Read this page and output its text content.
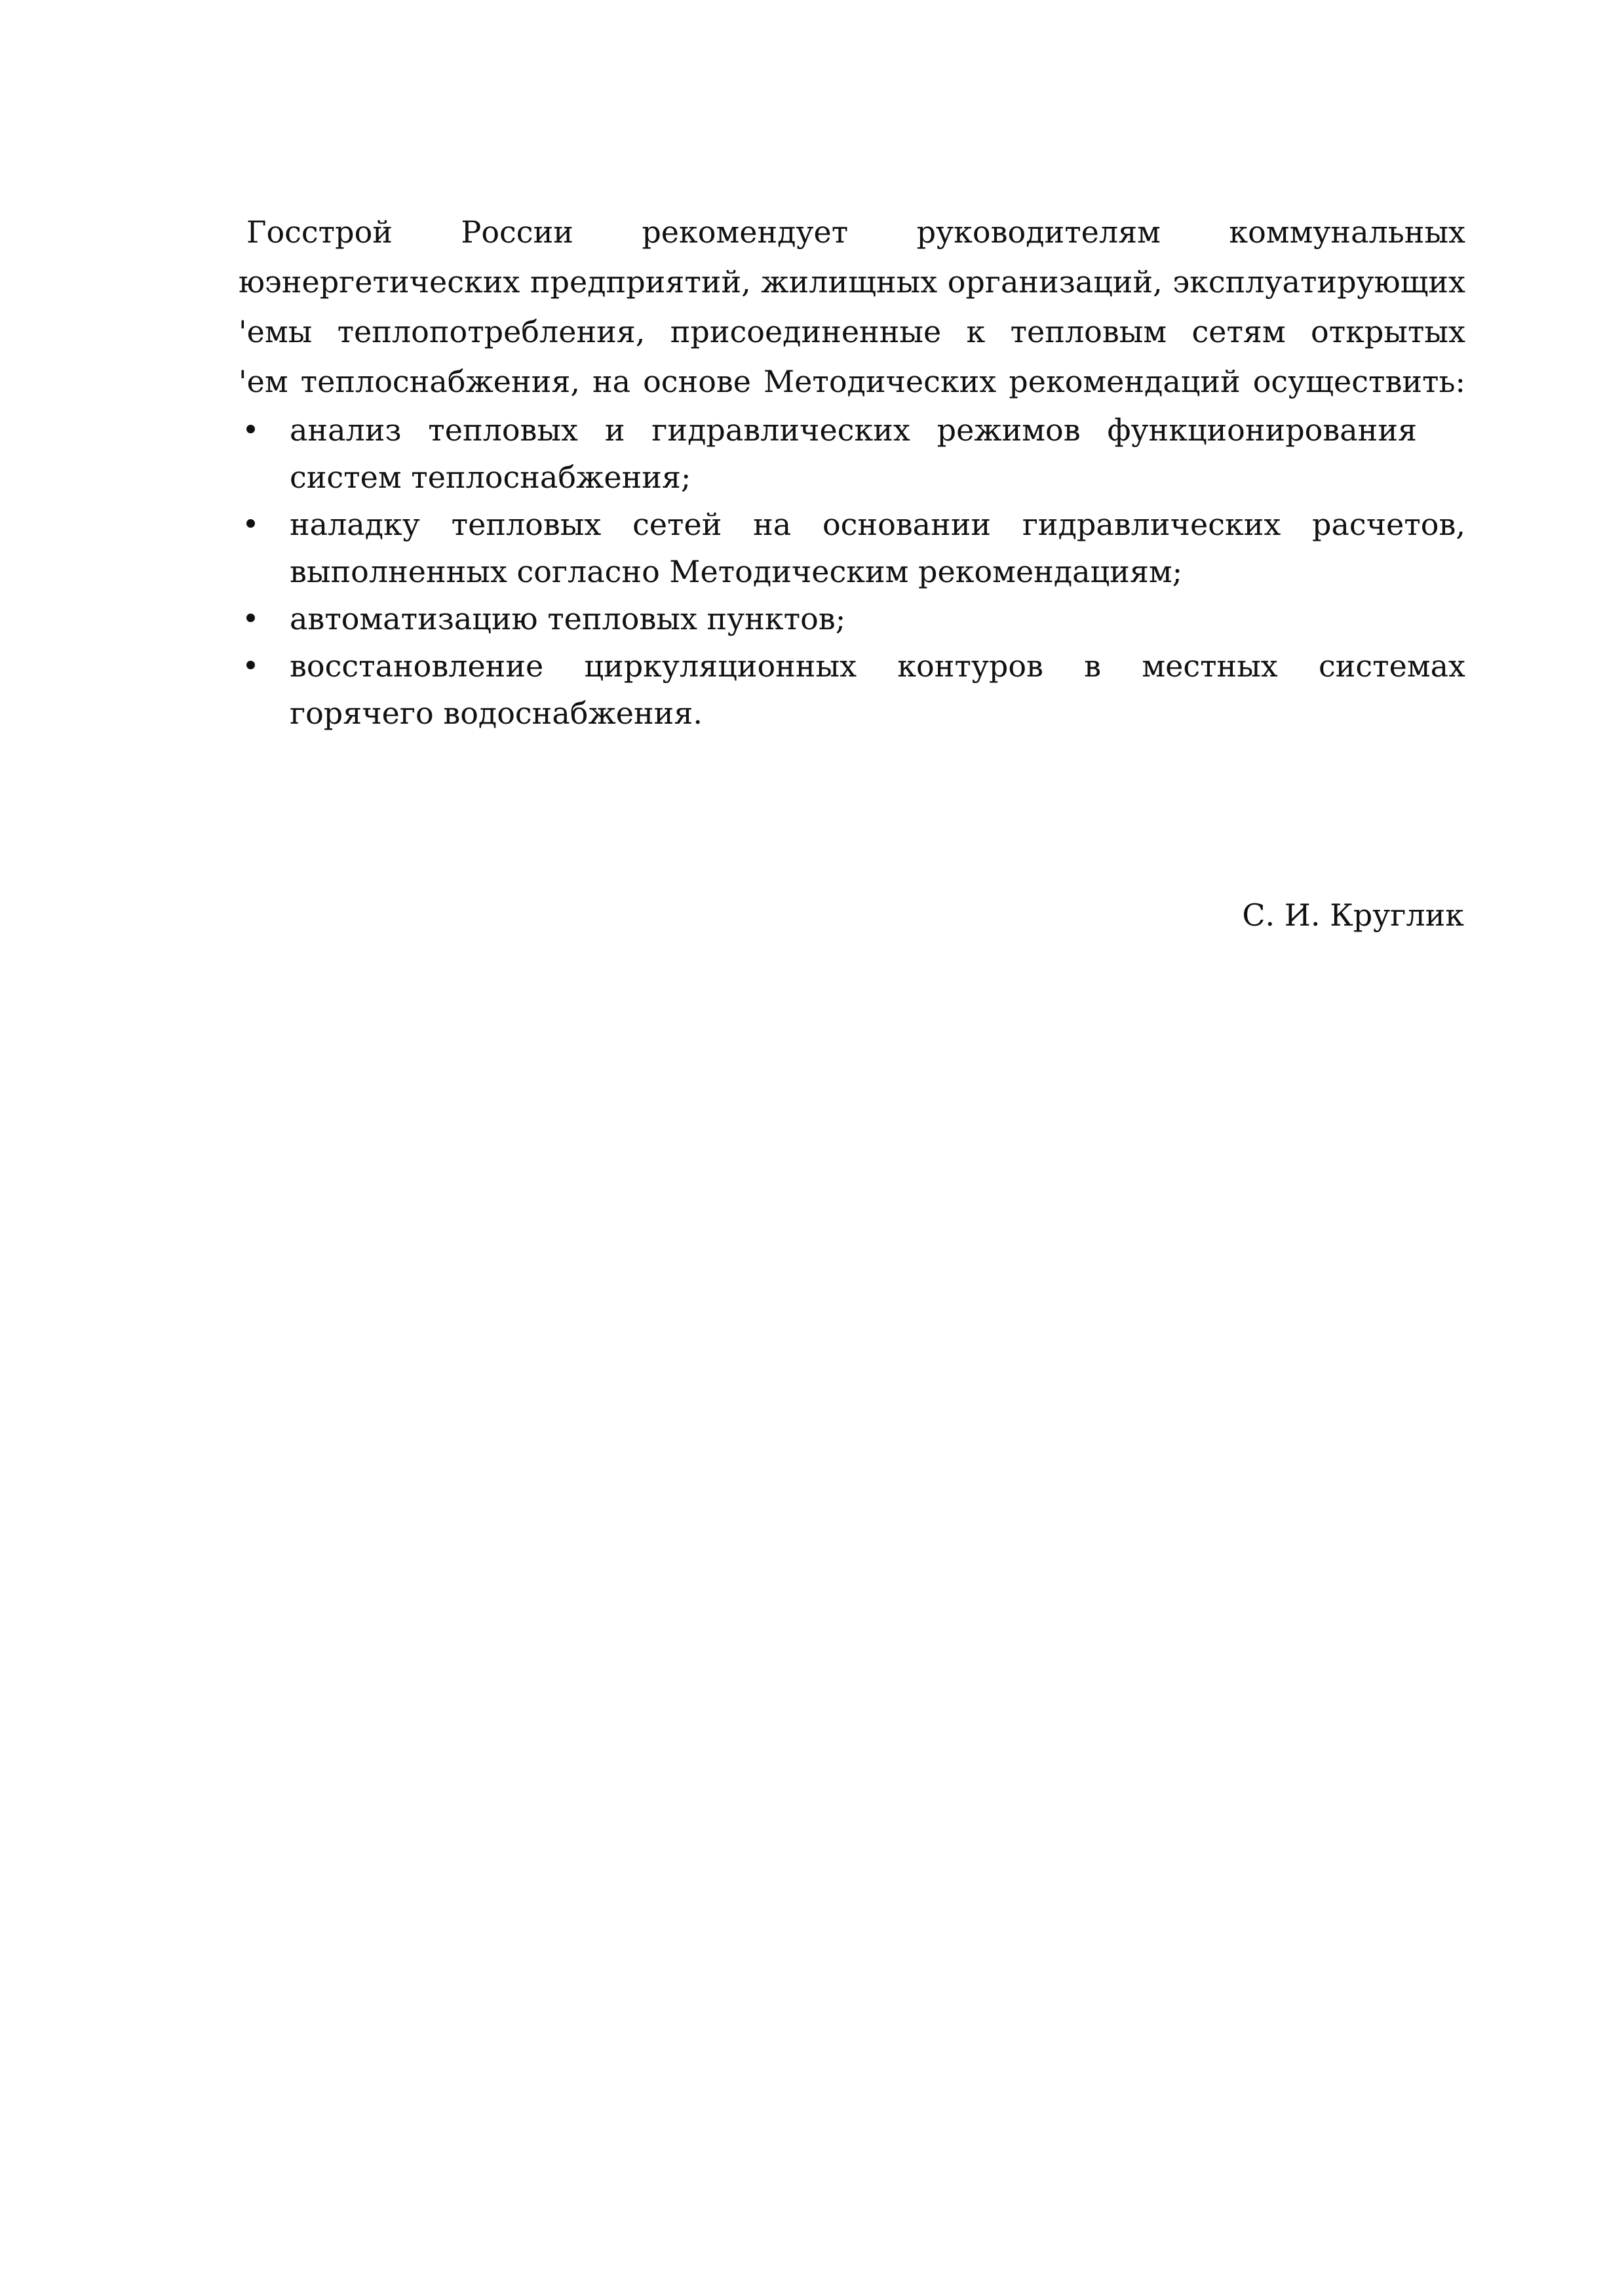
Госстрой России рекомендует руководителям коммунальных
юэнергетических предприятий, жилищных организаций, эксплуатирующих
'емы теплопотребления, присоединенные к тепловым сетям открытых
'ем теплоснабжения, на основе Методических рекомендаций осуществить:
анализ тепловых и гидравлических режимов функционирования
систем теплоснабжения;
наладку тепловых сетей на основании гидравлических расчетов,
выполненных согласно Методическим рекомендациям;
автоматизацию тепловых пунктов;
восстановление циркуляционных контуров в местных системах
горячего водоснабжения.
С. И. Круглик
